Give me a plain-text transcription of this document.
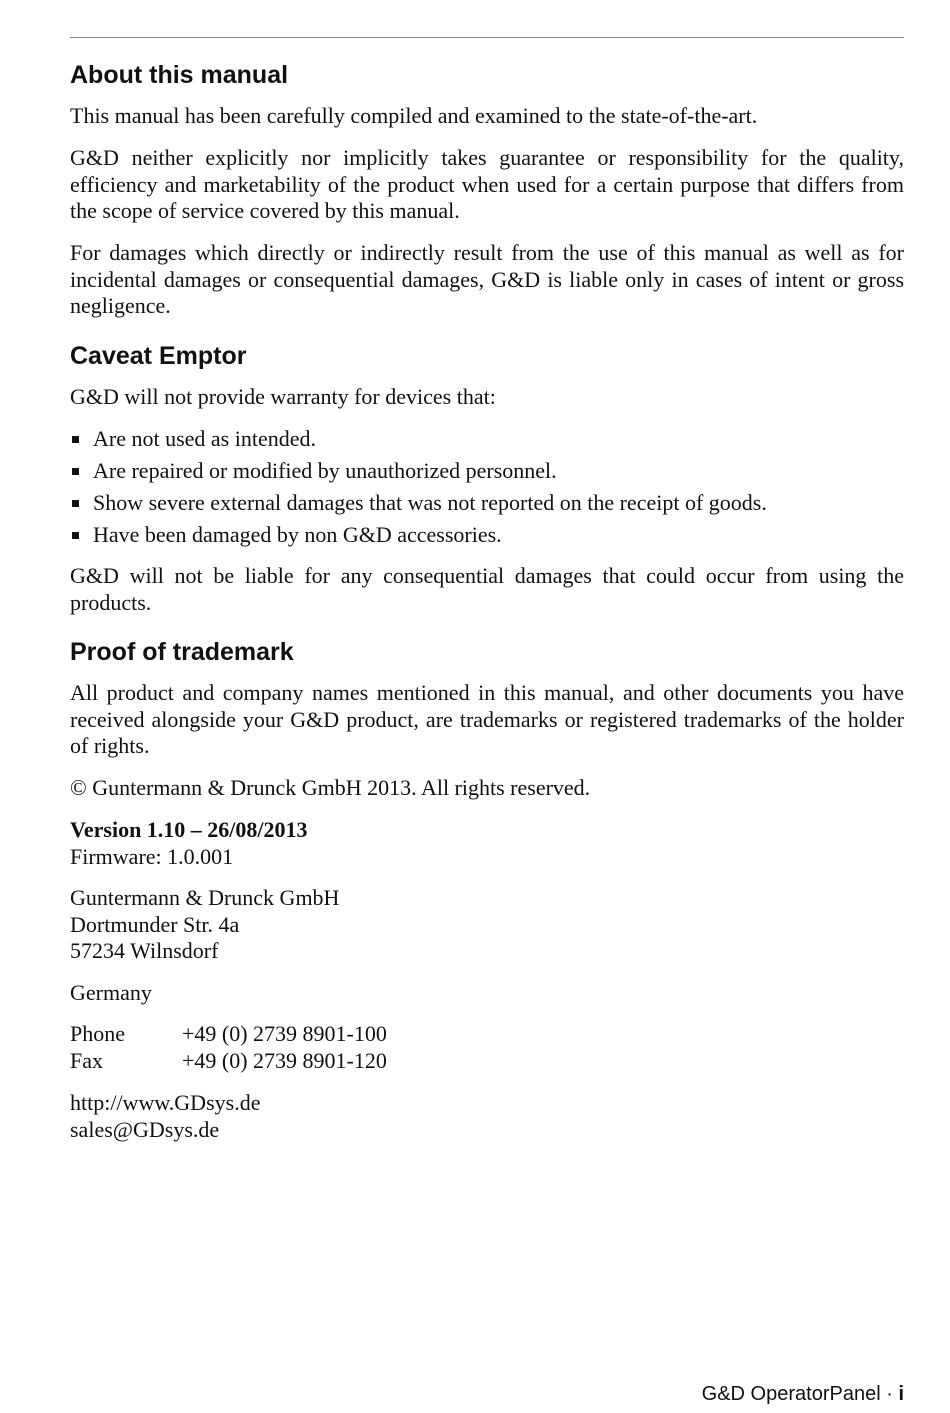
About this manual

This manual has been carefully compiled and examined to the state-of-the-art.

G&D neither explicitly nor implicitly takes guarantee or responsibility for the quality, efficiency and marketability of the product when used for a certain purpose that differs from the scope of service covered by this manual.

For damages which directly or indirectly result from the use of this manual as well as for incidental damages or consequential damages, G&D is liable only in cases of intent or gross negligence.

Caveat Emptor

G&D will not provide warranty for devices that:

Are not used as intended.
Are repaired or modified by unauthorized personnel.
Show severe external damages that was not reported on the receipt of goods.
Have been damaged by non G&D accessories.

G&D will not be liable for any consequential damages that could occur from using the products.

Proof of trademark

All product and company names mentioned in this manual, and other documents you have received alongside your G&D product, are trademarks or registered trademarks of the holder of rights.

© Guntermann & Drunck GmbH 2013. All rights reserved.

Version 1.10 – 26/08/2013
Firmware: 1.0.001
Guntermann & Drunck GmbH
Dortmunder Str. 4a
57234 Wilnsdorf
Germany
Phone	+49 (0) 2739 8901-100
Fax	+49 (0) 2739 8901-120
http://www.GDsys.de
sales@GDsys.de
G&D OperatorPanel · i
